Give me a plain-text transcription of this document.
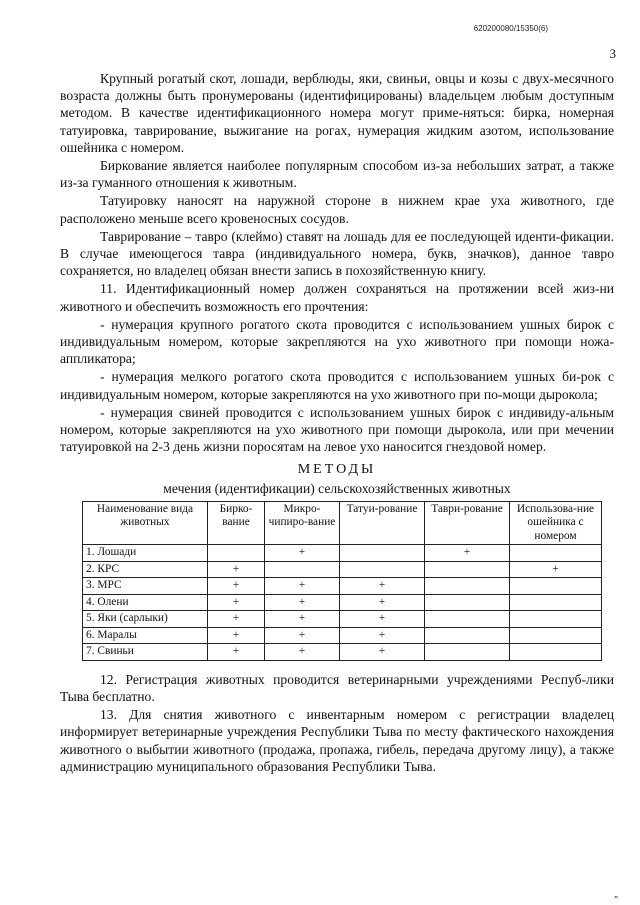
620200080/15350(6)
3

Крупный рогатый скот, лошади, верблюды, яки, свиньи, овцы и козы с двух-месячного возраста должны быть пронумерованы (идентифицированы) владельцем любым доступным методом. В качестве идентификационного номера могут приме-няться: бирка, номерная татуировка, таврирование, выжигание на рогах, нумерация жидким азотом, использование ошейника с номером.

Биркование является наиболее популярным способом из-за небольших затрат, а также из-за гуманного отношения к животным.

Татуировку наносят на наружной стороне в нижнем крае уха животного, где расположено меньше всего кровеносных сосудов.

Таврирование – тавро (клеймо) ставят на лошадь для ее последующей иденти-фикации. В случае имеющегося тавра (индивидуального номера, букв, значков), данное тавро сохраняется, но владелец обязан внести запись в похозяйственную книгу.

11. Идентификационный номер должен сохраняться на протяжении всей жиз-ни животного и обеспечить возможность его прочтения:

- нумерация крупного рогатого скота проводится с использованием ушных бирок с индивидуальным номером, которые закрепляются на ухо животного при помощи ножа-аппликатора;

- нумерация мелкого рогатого скота проводится с использованием ушных би-рок с индивидуальным номером, которые закрепляются на ухо животного при по-мощи дырокола;

- нумерация свиней проводится с использованием ушных бирок с индивиду-альным номером, которые закрепляются на ухо животного при помощи дырокола, или при мечении татуировкой на 2-3 день жизни поросятам на левое ухо наносится гнездовой номер.

МЕТОДЫ

мечения (идентификации) сельскохозяйственных животных

Наименование вида животных	Бирко-вание	Микро-чипиро-вание	Татуи-рование	Таври-рование	Использова-ние ошейника с номером
1. Лошади		+		+	
2. КРС	+				+
3. МРС	+	+	+		
4. Олени	+	+	+		
5. Яки (сарлыки)	+	+	+		
6. Маралы	+	+	+		
7. Свиньи	+	+	+		

12. Регистрация животных проводится ветеринарными учреждениями Респуб-лики Тыва бесплатно.

13. Для снятия животного с инвентарным номером с регистрации владелец информирует ветеринарные учреждения Республики Тыва по месту фактического нахождения животного о выбытии животного (продажа, пропажа, гибель, передача другому лицу), а также администрацию муниципального образования Республики Тыва.

„
